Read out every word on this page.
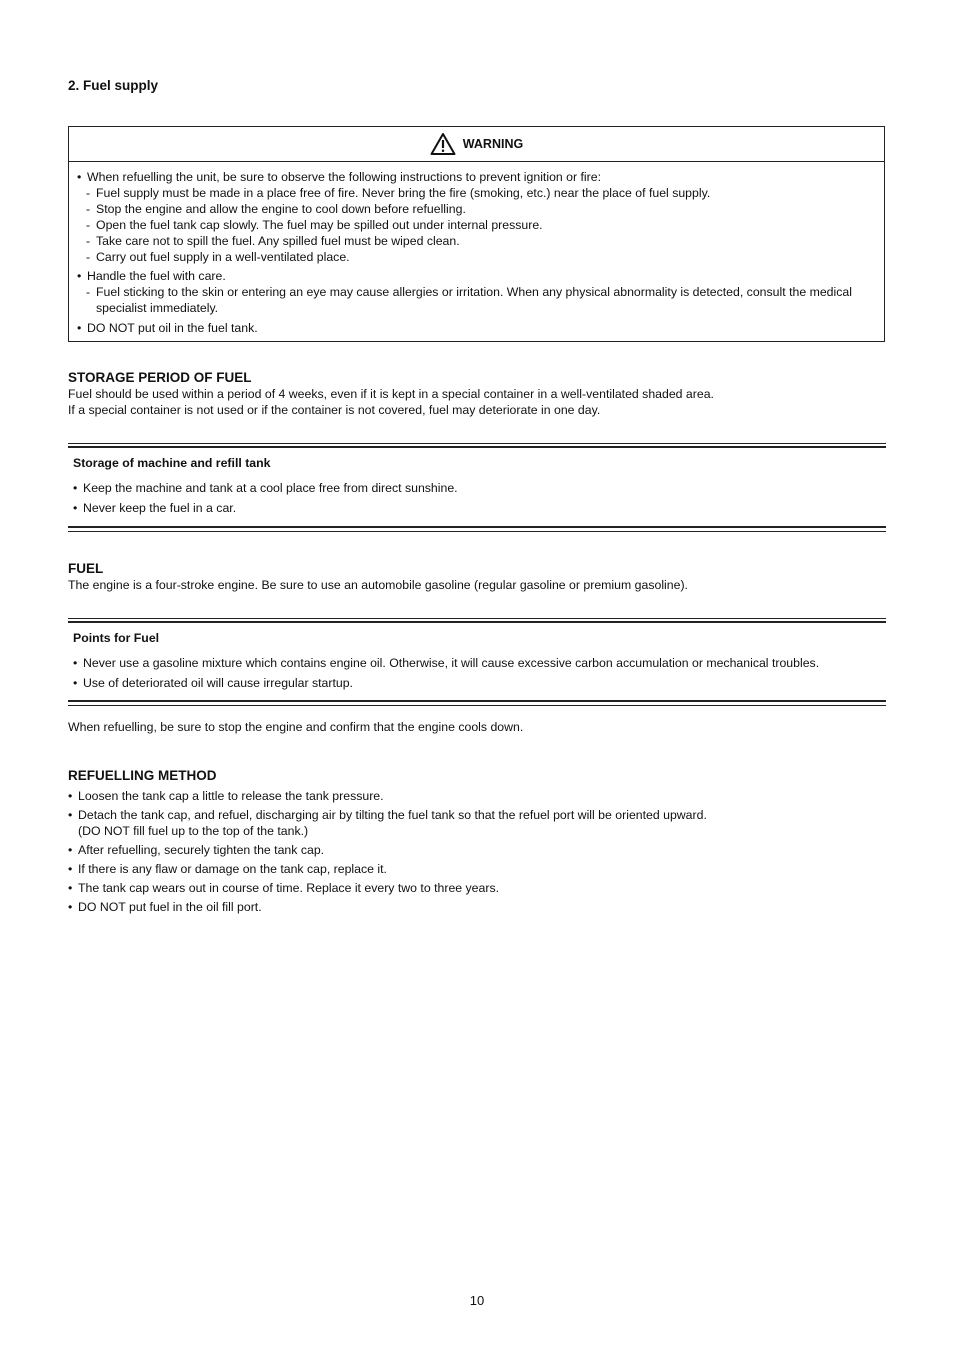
2. Fuel supply
WARNING
• When refuelling the unit, be sure to observe the following instructions to prevent ignition or fire:
- Fuel supply must be made in a place free of fire. Never bring the fire (smoking, etc.) near the place of fuel supply.
- Stop the engine and allow the engine to cool down before refuelling.
- Open the fuel tank cap slowly. The fuel may be spilled out under internal pressure.
- Take care not to spill the fuel. Any spilled fuel must be wiped clean.
- Carry out fuel supply in a well-ventilated place.
• Handle the fuel with care.
- Fuel sticking to the skin or entering an eye may cause allergies or irritation. When any physical abnormality is detected, consult the medical specialist immediately.
• DO NOT put oil in the fuel tank.
STORAGE PERIOD OF FUEL

Fuel should be used within a period of 4 weeks, even if it is kept in a special container in a well-ventilated shaded area.

If a special container is not used or if the container is not covered, fuel may deteriorate in one day.

Storage of machine and refill tank
• Keep the machine and tank at a cool place free from direct sunshine.
• Never keep the fuel in a car.
FUEL

The engine is a four-stroke engine. Be sure to use an automobile gasoline (regular gasoline or premium gasoline).

Points for Fuel
• Never use a gasoline mixture which contains engine oil. Otherwise, it will cause excessive carbon accumulation or mechanical troubles.
• Use of deteriorated oil will cause irregular startup.
When refuelling, be sure to stop the engine and confirm that the engine cools down.
REFUELLING METHOD
• Loosen the tank cap a little to release the tank pressure.
• Detach the tank cap, and refuel, discharging air by tilting the fuel tank so that the refuel port will be oriented upward.
(DO NOT fill fuel up to the top of the tank.)
• After refuelling, securely tighten the tank cap.
• If there is any flaw or damage on the tank cap, replace it.
• The tank cap wears out in course of time. Replace it every two to three years.
• DO NOT put fuel in the oil fill port.
10
